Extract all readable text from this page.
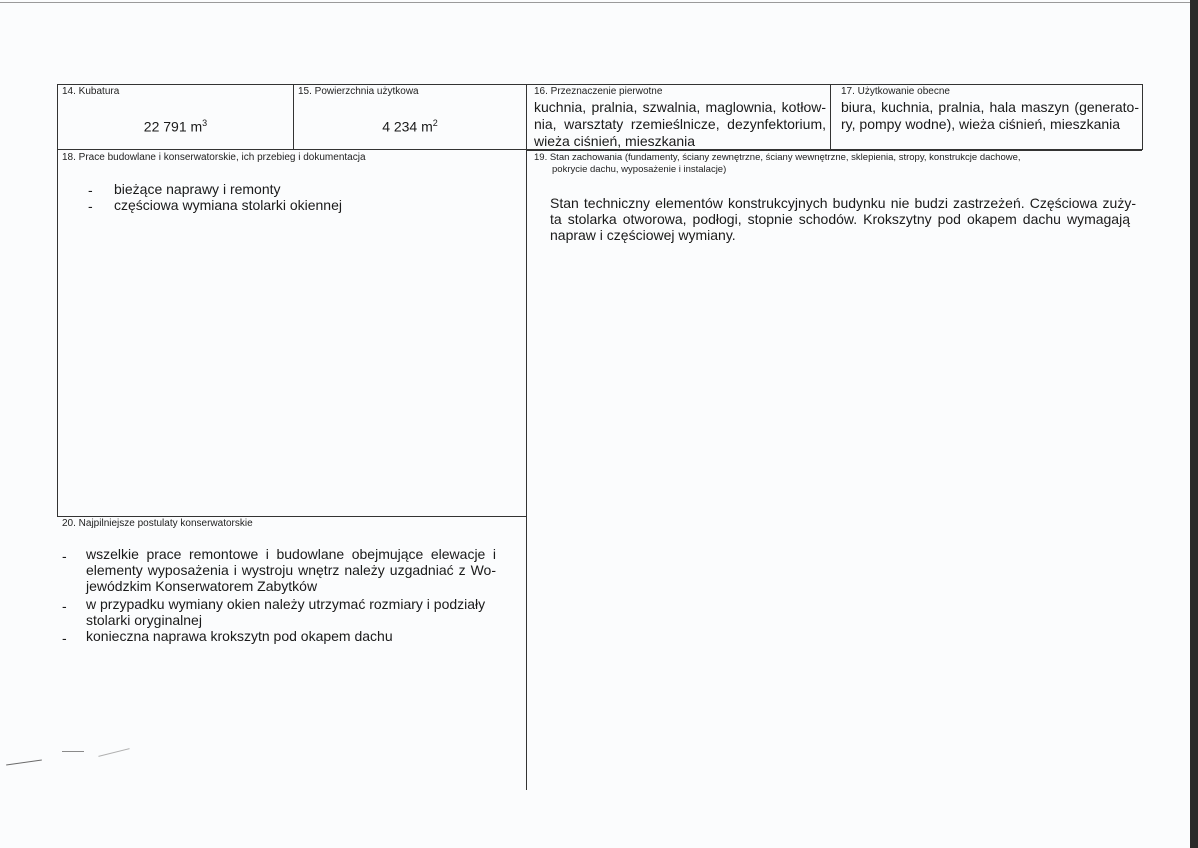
14. Kubatura
22 791 $m^3$
15. Powierzchnia użytkowa
4 234 $m^2$
16. Przeznaczenie pierwotne
kuchnia, pralnia, szwalnia, maglownia, kotłow-
nia, warsztaty rzemieślnicze, dezynfektorium,
wieża ciśnień, mieszkania
17. Użytkowanie obecne
biura, kuchnia, pralnia, hala maszyn (generato-
ry, pompy wodne), wieża ciśnień, mieszkania
18. Prace budowlane i konserwatorskie, ich przebieg i dokumentacja
- bieżące naprawy i remonty
- częściowa wymiana stolarki okiennej
19. Stan zachowania (fundamenty, ściany zewnętrzne, ściany wewnętrzne, sklepienia, stropy, konstrukcje dachowe,
pokrycie dachu, wyposażenie i instalacje)
Stan techniczny elementów konstrukcyjnych budynku nie budzi zastrzeżeń. Częściowa zuży-
ta stolarka otworowa, podłogi, stopnie schodów. Krokszytny pod okapem dachu wymagają
napraw i częściowej wymiany.
20. Najpilniejsze postulaty konserwatorskie
- wszelkie prace remontowe i budowlane obejmujące elewacje i
elementy wyposażenia i wystroju wnętrz należy uzgadniać z Wo-
jewódzkim Konserwatorem Zabytków
- w przypadku wymiany okien należy utrzymać rozmiary i podziały
stolarki oryginalnej
- konieczna naprawa krokszytn pod okapem dachu
